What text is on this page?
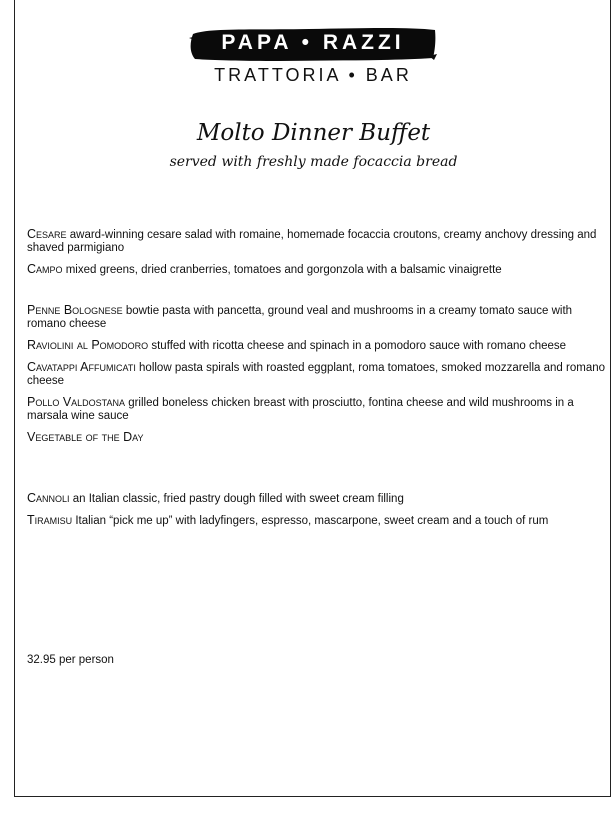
PAPA • RAZZI
TRATTORIA • BAR
Molto Dinner Buffet
served with freshly made focaccia bread
Cesare award-winning cesare salad with romaine, homemade focaccia croutons, creamy anchovy dressing and shaved parmigiano
Campo mixed greens, dried cranberries, tomatoes and gorgonzola with a balsamic vinaigrette
Penne Bolognese bowtie pasta with pancetta, ground veal and mushrooms in a creamy tomato sauce with romano cheese
Raviolini al Pomodoro stuffed with ricotta cheese and spinach in a pomodoro sauce with romano cheese
Cavatappi Affumicati hollow pasta spirals with roasted eggplant, roma tomatoes, smoked mozzarella and romano cheese
Pollo Valdostana grilled boneless chicken breast with prosciutto, fontina cheese and wild mushrooms in a marsala wine sauce
Vegetable of the Day
Cannoli an Italian classic, fried pastry dough filled with sweet cream filling
Tiramisu Italian “pick me up” with ladyfingers, espresso, mascarpone, sweet cream and a touch of rum
32.95 per person
